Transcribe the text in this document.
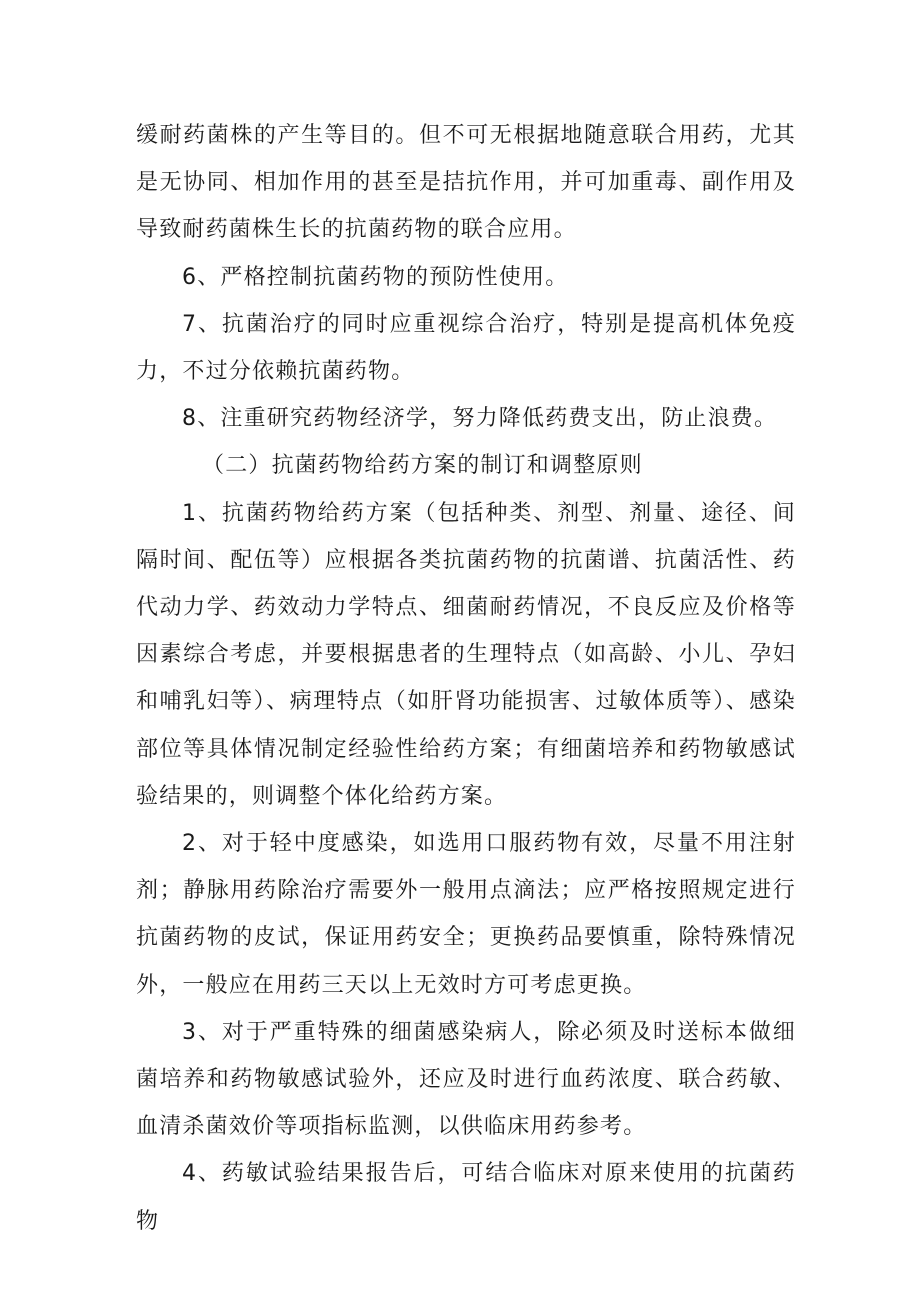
缓耐药菌株的产生等目的。但不可无根据地随意联合用药，尤其是无协同、相加作用的甚至是拮抗作用，并可加重毒、副作用及导致耐药菌株生长的抗菌药物的联合应用。

6、严格控制抗菌药物的预防性使用。

7、抗菌治疗的同时应重视综合治疗，特别是提高机体免疫力，不过分依赖抗菌药物。

8、注重研究药物经济学，努力降低药费支出，防止浪费。

（二）抗菌药物给药方案的制订和调整原则

1、抗菌药物给药方案（包括种类、剂型、剂量、途径、间隔时间、配伍等）应根据各类抗菌药物的抗菌谱、抗菌活性、药代动力学、药效动力学特点、细菌耐药情况，不良反应及价格等因素综合考虑，并要根据患者的生理特点（如高龄、小儿、孕妇和哺乳妇等）、病理特点（如肝肾功能损害、过敏体质等）、感染部位等具体情况制定经验性给药方案；有细菌培养和药物敏感试验结果的，则调整个体化给药方案。

2、对于轻中度感染，如选用口服药物有效，尽量不用注射剂；静脉用药除治疗需要外一般用点滴法；应严格按照规定进行抗菌药物的皮试，保证用药安全；更换药品要慎重，除特殊情况外，一般应在用药三天以上无效时方可考虑更换。

3、对于严重特殊的细菌感染病人，除必须及时送标本做细菌培养和药物敏感试验外，还应及时进行血药浓度、联合药敏、血清杀菌效价等项指标监测，以供临床用药参考。

4、药敏试验结果报告后，可结合临床对原来使用的抗菌药物
